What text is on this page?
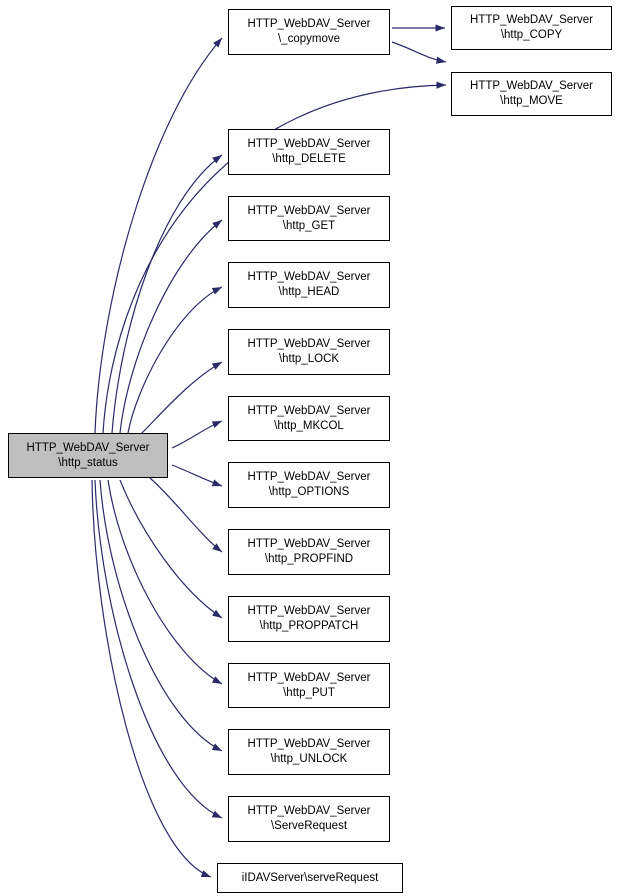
HTTP_WebDAV_Server
\http_status
HTTP_WebDAV_Server
\_copymove
HTTP_WebDAV_Server
\http_COPY
HTTP_WebDAV_Server
\http_MOVE
HTTP_WebDAV_Server
\http_DELETE
HTTP_WebDAV_Server
\http_GET
HTTP_WebDAV_Server
\http_HEAD
HTTP_WebDAV_Server
\http_LOCK
HTTP_WebDAV_Server
\http_MKCOL
HTTP_WebDAV_Server
\http_OPTIONS
HTTP_WebDAV_Server
\http_PROPFIND
HTTP_WebDAV_Server
\http_PROPPATCH
HTTP_WebDAV_Server
\http_PUT
HTTP_WebDAV_Server
\http_UNLOCK
HTTP_WebDAV_Server
\ServeRequest
iIDAVServer\serveRequest
